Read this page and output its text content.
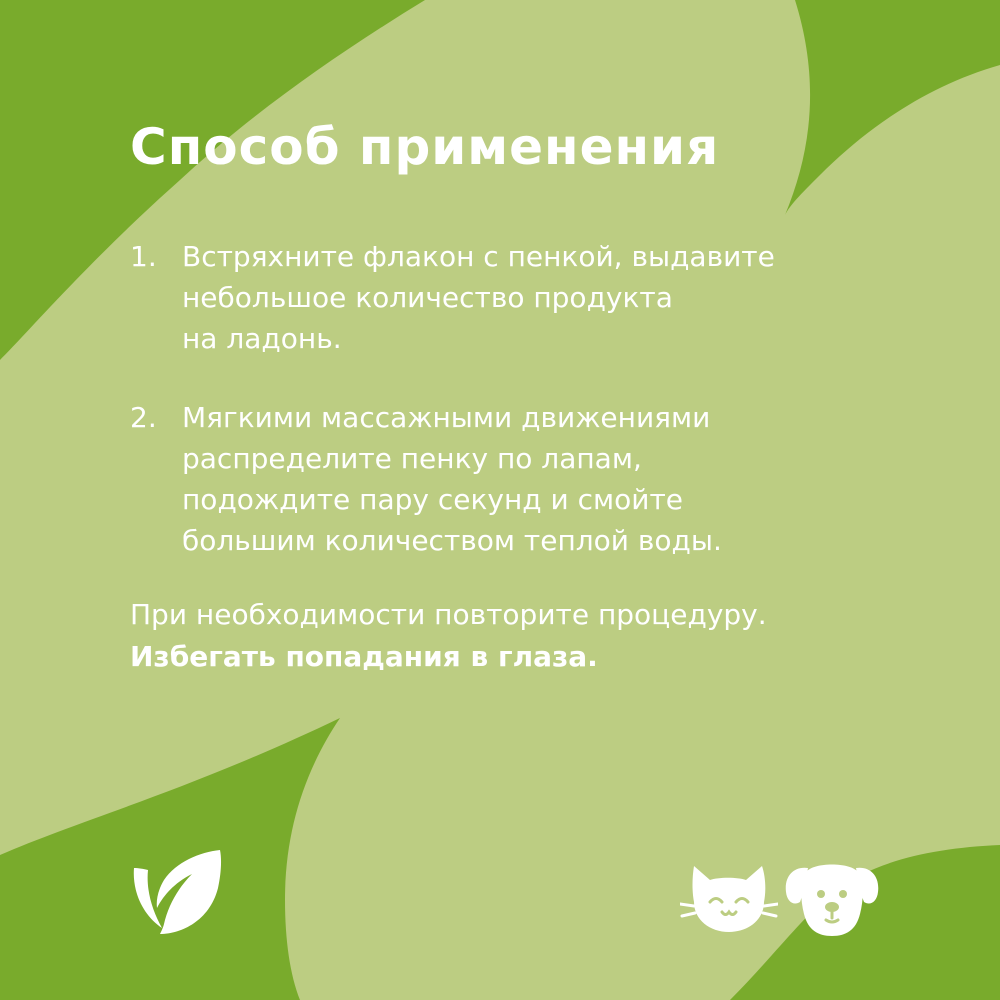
Способ применения
1. Встряхните флакон с пенкой, выдавите
небольшое количество продукта
на ладонь.
2. Мягкими массажными движениями
распределите пенку по лапам,
подождите пару секунд и смойте
большим количеством теплой воды.

При необходимости повторите процедуру.
Избегать попадания в глаза.
